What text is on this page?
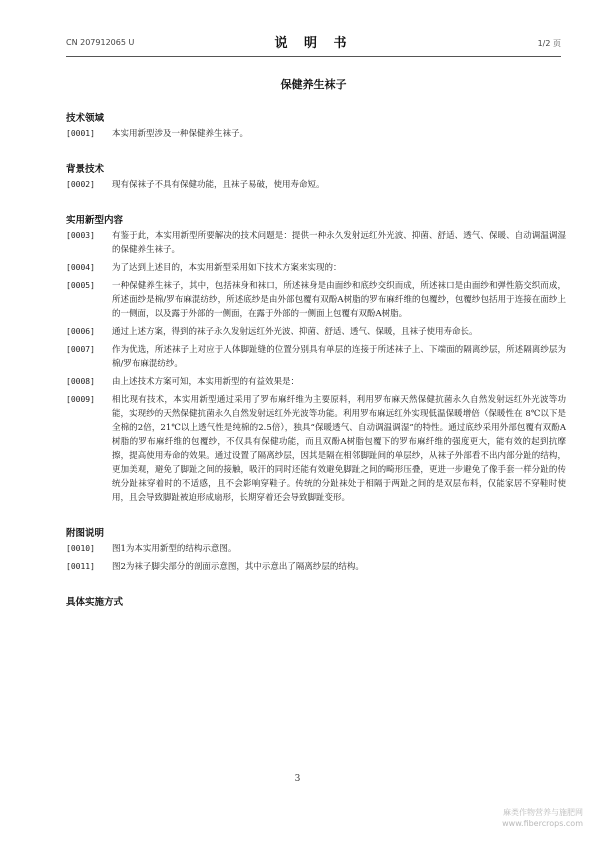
CN 207912065 U	说 明 书	1/2 页
保健养生袜子
技术领域
[0001]	本实用新型涉及一种保健养生袜子。
背景技术
[0002]	现有保袜子不具有保健功能，且袜子易破，使用寿命短。
实用新型内容
[0003]	有鉴于此，本实用新型所要解决的技术问题是：提供一种永久发射远红外光波、抑菌、舒适、透气、保暖、自动调温调湿的保健养生袜子。
[0004]	为了达到上述目的，本实用新型采用如下技术方案来实现的：
[0005]	一种保健养生袜子，其中，包括袜身和袜口，所述袜身是由面纱和底纱交织而成，所述袜口是由面纱和弹性筋交织而成，所述面纱是棉/罗布麻混纺纱，所述底纱是由外部包覆有双酚A树脂的罗布麻纤维的包覆纱，包覆纱包括用于连接在面纱上的一侧面，以及露于外部的一侧面，在露于外部的一侧面上包覆有双酚A树脂。
[0006]	通过上述方案，得到的袜子永久发射远红外光波、抑菌、舒适、透气、保暖，且袜子使用寿命长。
[0007]	作为优选，所述袜子上对应于人体脚趾缝的位置分别具有单层的连接于所述袜子上、下端面的隔离纱层，所述隔离纱层为棉/罗布麻混纺纱。
[0008]	由上述技术方案可知，本实用新型的有益效果是：
[0009]	相比现有技术，本实用新型通过采用了罗布麻纤维为主要原料，利用罗布麻天然保健抗菌永久自然发射远红外光波等功能，实现纱的天然保健抗菌永久自然发射远红外光波等功能。利用罗布麻远红外实现低温保暖增倍（保暖性在 8℃以下是全棉的2倍，21℃以上透气性是纯棉的2.5倍），独具“保暖透气、自动调温调湿”的特性。通过底纱采用外部包覆有双酚A树脂的罗布麻纤维的包覆纱，不仅具有保健功能，而且双酚A树脂包覆下的罗布麻纤维的强度更大，能有效的起到抗摩擦，提高使用寿命的效果。通过设置了隔离纱层，因其是隔在相邻脚趾间的单层纱，从袜子外部看不出内部分趾的结构，更加美观，避免了脚趾之间的接触，吸汗的同时还能有效避免脚趾之间的畸形压叠，更进一步避免了像手套一样分趾的传统分趾袜穿着时的不适感，且不会影响穿鞋子。传统的分趾袜处于相隔于两趾之间的是双层布料，仅能家居不穿鞋时使用，且会导致脚趾被迫形成扇形，长期穿着还会导致脚趾变形。
附图说明
[0010]	图1为本实用新型的结构示意图。
[0011]	图2为袜子脚尖部分的剖面示意图，其中示意出了隔离纱层的结构。
具体实施方式
3
麻类作物营养与施肥网
www.fibercrops.com
